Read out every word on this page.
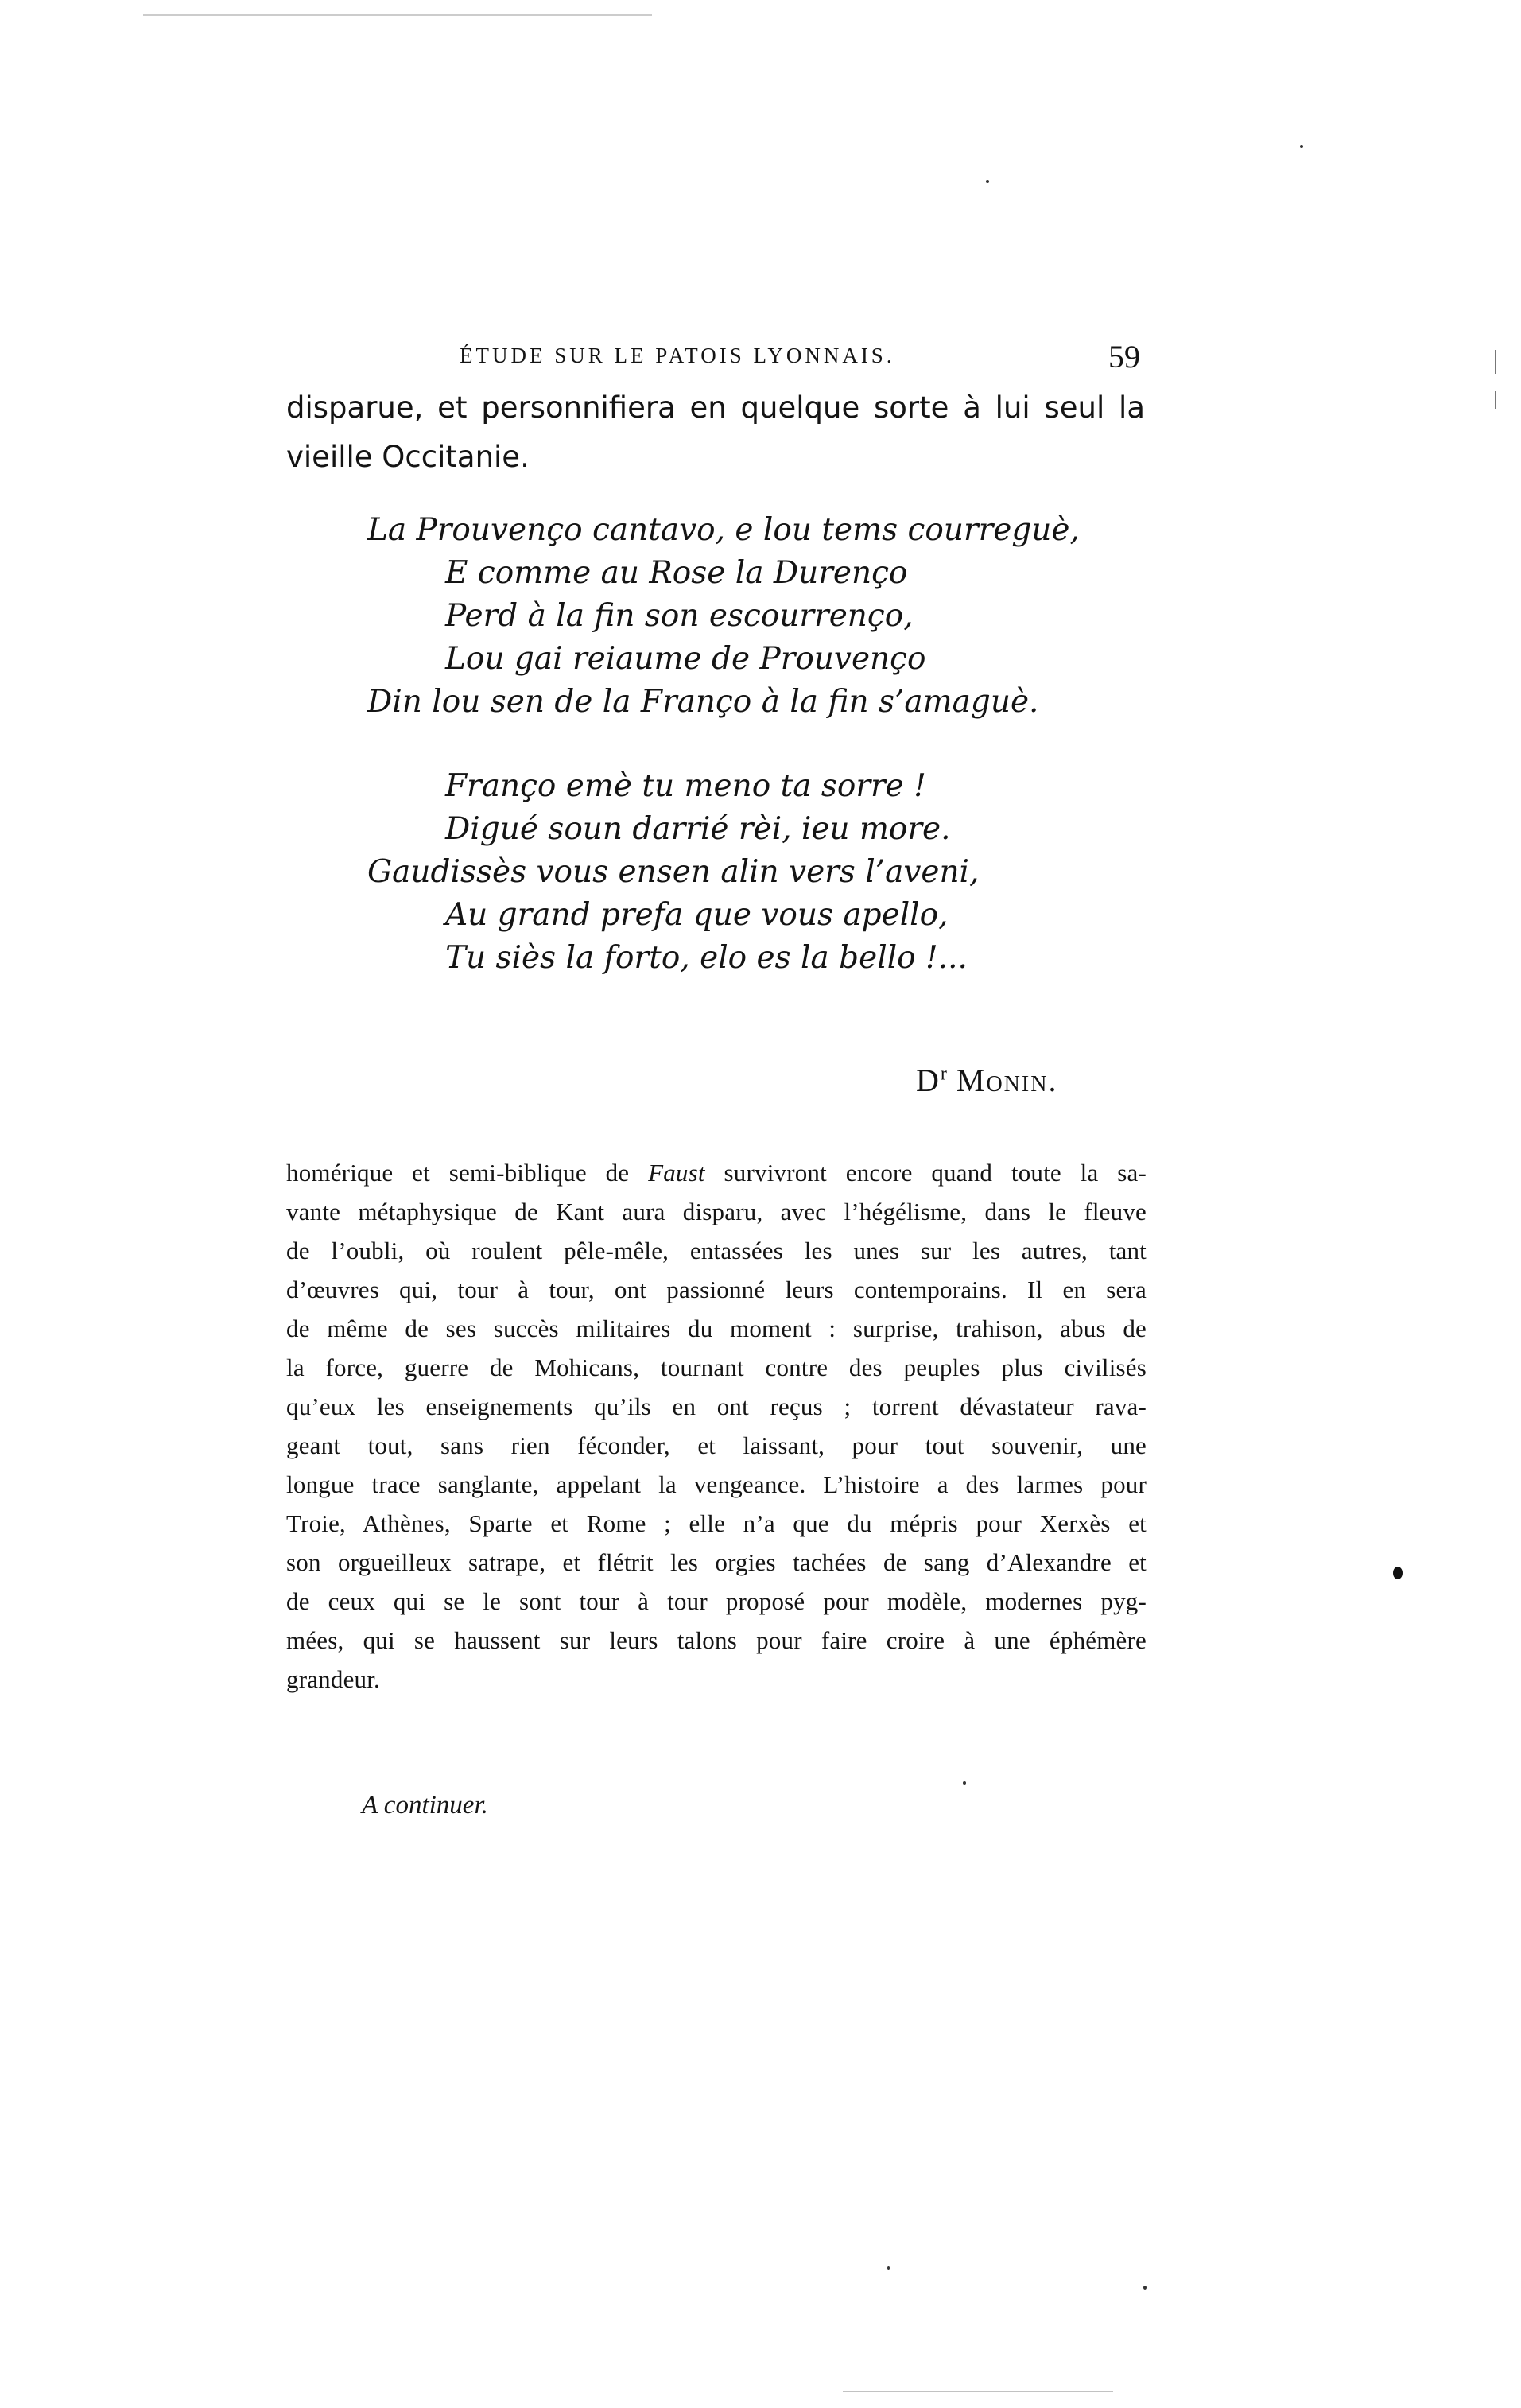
ÉTUDE SUR LE PATOIS LYONNAIS.	59
disparue, et personnifiera en quelque sorte à lui seul la
vieille Occitanie.
La Prouvenço cantavo, e lou tems courreguè,
E comme au Rose la Durenço
Perd à la fin son escourrenço,
Lou gai reiaume de Prouvenço
Din lou sen de la Franço à la fin s’amaguè.
Franço emè tu meno ta sorre !
Digué soun darrié rèi, ieu more.
Gaudissès vous ensen alin vers l’aveni,
Au grand prefa que vous apello,
Tu siès la forto, elo es la bello !...
$D^r$ Monin.
homérique et semi-biblique de Faust survivront encore quand toute la sa-
vante métaphysique de Kant aura disparu, avec l’hégélisme, dans le fleuve
de l’oubli, où roulent pêle-mêle, entassées les unes sur les autres, tant
d’œuvres qui, tour à tour, ont passionné leurs contemporains. Il en sera
de même de ses succès militaires du moment : surprise, trahison, abus de
la force, guerre de Mohicans, tournant contre des peuples plus civilisés
qu’eux les enseignements qu’ils en ont reçus ; torrent dévastateur rava-
geant tout, sans rien féconder, et laissant, pour tout souvenir, une
longue trace sanglante, appelant la vengeance. L’histoire a des larmes pour
Troie, Athènes, Sparte et Rome ; elle n’a que du mépris pour Xerxès et
son orgueilleux satrape, et flétrit les orgies tachées de sang d’Alexandre et
de ceux qui se le sont tour à tour proposé pour modèle, modernes pyg-
mées, qui se haussent sur leurs talons pour faire croire à une éphémère
grandeur.
A continuer.
